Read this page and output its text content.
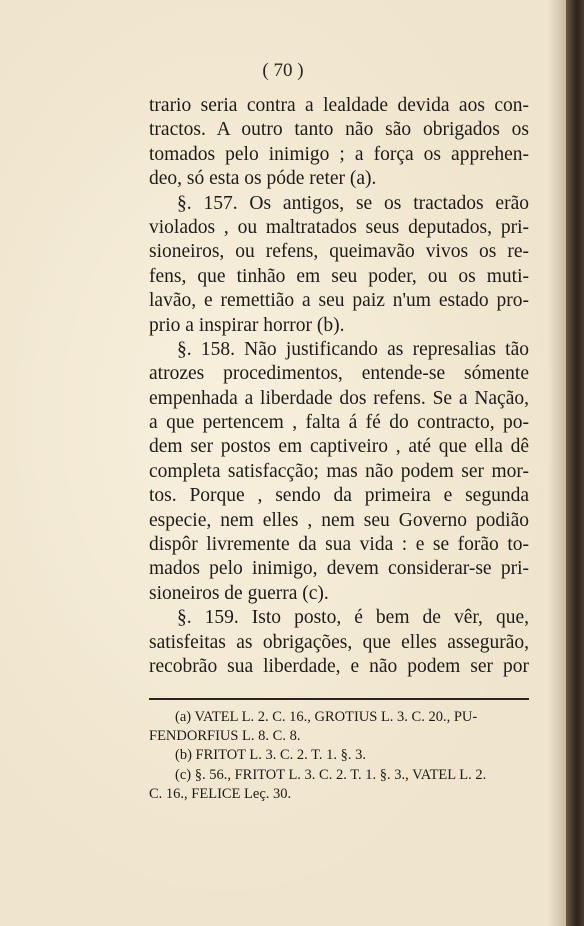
( 70 )
trario seria contra a lealdade devida aos con-
tractos. A outro tanto não são obrigados os
tomados pelo inimigo ; a força os apprehen-
deo, só esta os póde reter (a).
§. 157. Os antigos, se os tractados erão
violados , ou maltratados seus deputados, pri-
sioneiros, ou refens, queimavão vivos os re-
fens, que tinhão em seu poder, ou os muti-
lavão, e remettião a seu paiz n'um estado pro-
prio a inspirar horror (b).
§. 158. Não justificando as represalias tão
atrozes procedimentos, entende-se sómente
empenhada a liberdade dos refens. Se a Nação,
a que pertencem , falta á fé do contracto, po-
dem ser postos em captiveiro , até que ella dê
completa satisfacção; mas não podem ser mor-
tos. Porque , sendo da primeira e segunda
especie, nem elles , nem seu Governo podião
dispôr livremente da sua vida : e se forão to-
mados pelo inimigo, devem considerar-se pri-
sioneiros de guerra (c).
§. 159. Isto posto, é bem de vêr, que,
satisfeitas as obrigações, que elles assegurão,
recobrão sua liberdade, e não podem ser por
(a) VATEL L. 2. C. 16., GROTIUS L. 3. C. 20., PU-
FENDORFIUS L. 8. C. 8.
(b) FRITOT L. 3. C. 2. T. 1. §. 3.
(c) §. 56., FRITOT L. 3. C. 2. T. 1. §. 3., VATEL L. 2.
C. 16., FELICE Leç. 30.
